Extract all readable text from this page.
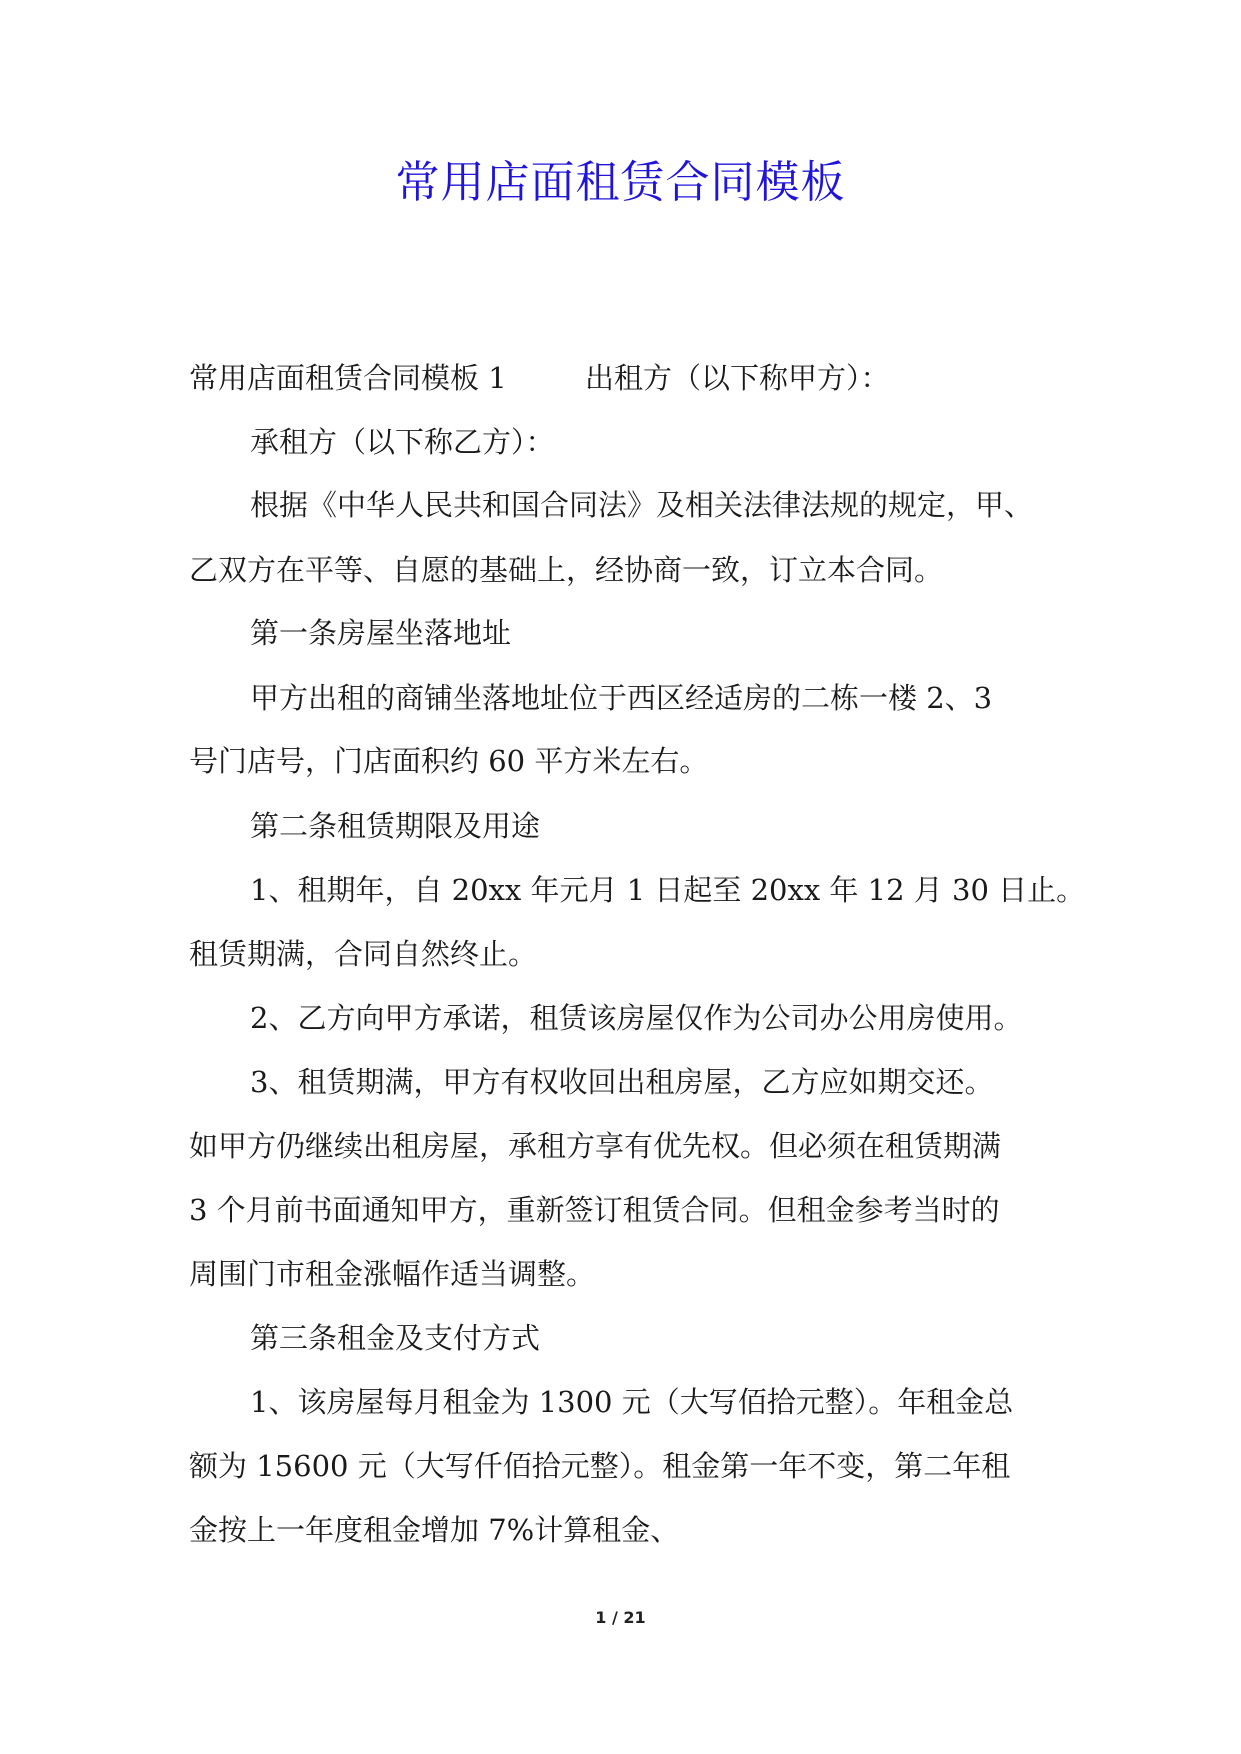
常用店面租赁合同模板
常用店面租赁合同模板 1	出租方（以下称甲方）：
承租方（以下称乙方）：
根据《中华人民共和国合同法》及相关法律法规的规定，甲、
乙双方在平等、自愿的基础上，经协商一致，订立本合同。
第一条房屋坐落地址
甲方出租的商铺坐落地址位于西区经适房的二栋一楼 2、3
号门店号，门店面积约 60 平方米左右。
第二条租赁期限及用途
1、租期年，自 20xx 年元月 1 日起至 20xx 年 12 月 30 日止。
租赁期满，合同自然终止。
2、乙方向甲方承诺，租赁该房屋仅作为公司办公用房使用。
3、租赁期满，甲方有权收回出租房屋，乙方应如期交还。
如甲方仍继续出租房屋，承租方享有优先权。但必须在租赁期满
3 个月前书面通知甲方，重新签订租赁合同。但租金参考当时的
周围门市租金涨幅作适当调整。
第三条租金及支付方式
1、该房屋每月租金为 1300 元（大写佰拾元整）。年租金总
额为 15600 元（大写仟佰拾元整）。租金第一年不变，第二年租
金按上一年度租金增加 7%计算租金、
1 / 21
